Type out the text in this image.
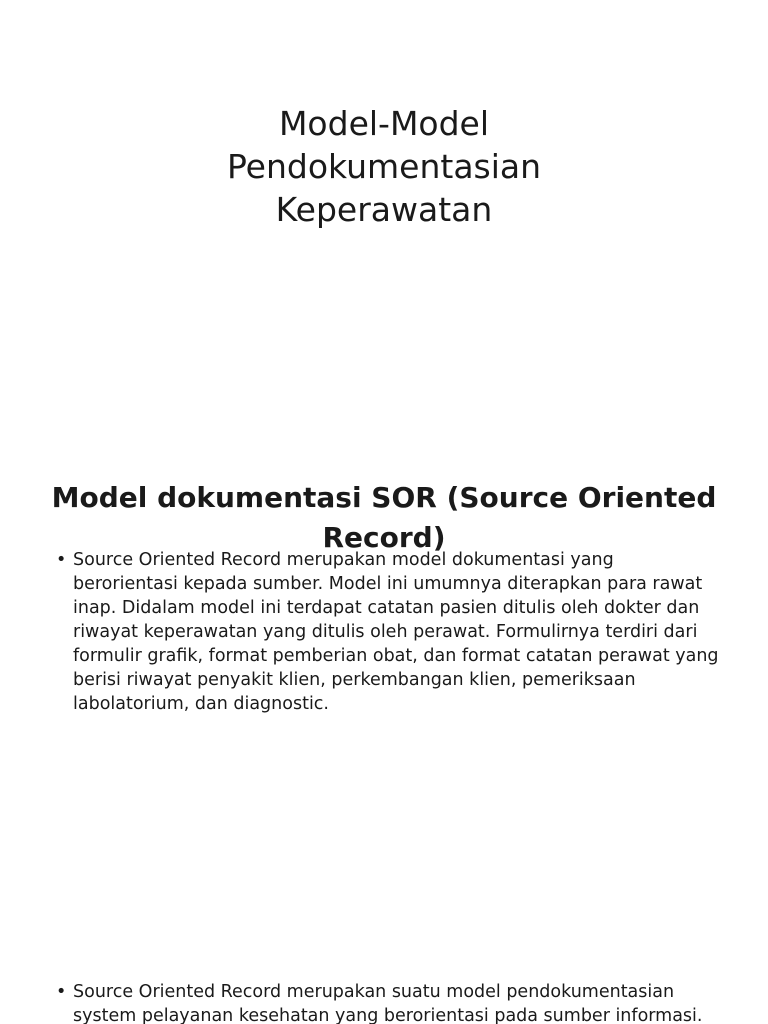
Model-Model
Pendokumentasian
Keperawatan
Model dokumentasi SOR (Source Oriented Record)
• Source Oriented Record merupakan model dokumentasi yang berorientasi kepada sumber. Model ini umumnya diterapkan para rawat inap. Didalam model ini terdapat catatan pasien ditulis oleh dokter dan riwayat keperawatan yang ditulis oleh perawat. Formulirnya terdiri dari formulir grafik, format pemberian obat, dan format catatan perawat yang berisi riwayat penyakit klien, perkembangan klien, pemeriksaan labolatorium, dan diagnostic.
• Source Oriented Record merupakan suatu model pendokumentasian system pelayanan kesehatan yang berorientasi pada sumber informasi.
